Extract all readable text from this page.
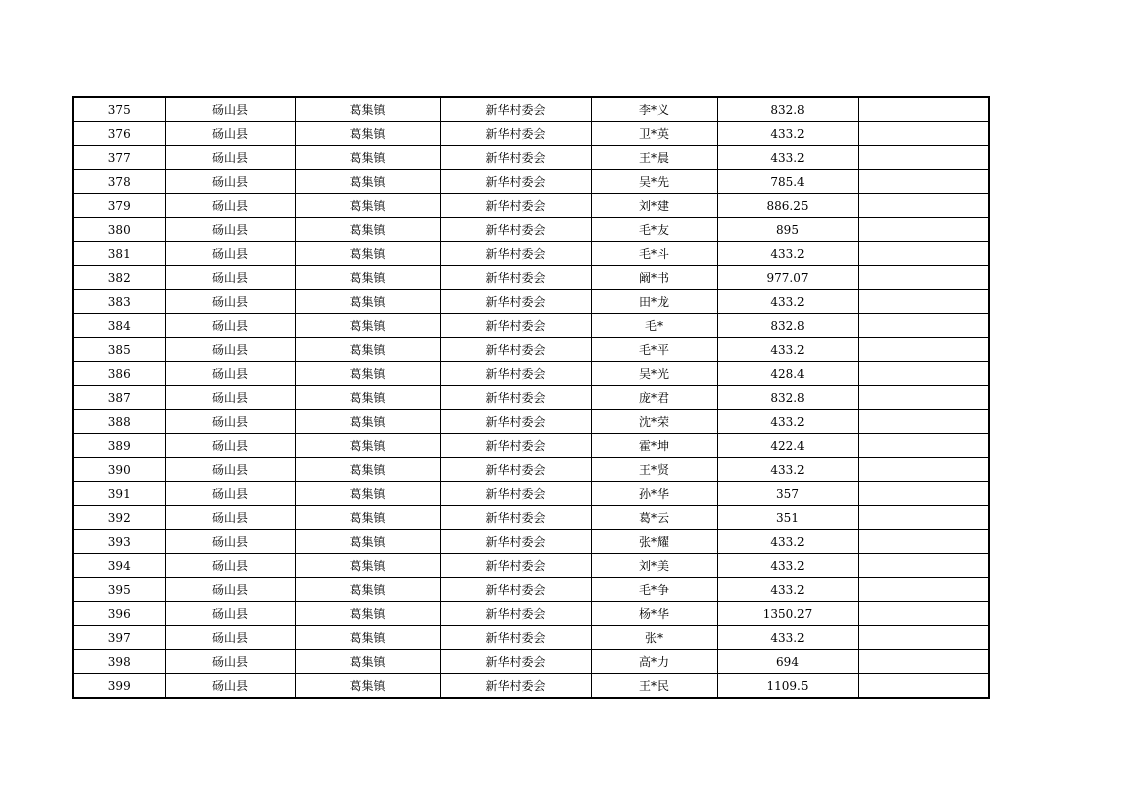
375	砀山县	葛集镇	新华村委会	李*义	832.8	
376	砀山县	葛集镇	新华村委会	卫*英	433.2	
377	砀山县	葛集镇	新华村委会	王*晨	433.2	
378	砀山县	葛集镇	新华村委会	吴*先	785.4	
379	砀山县	葛集镇	新华村委会	刘*建	886.25	
380	砀山县	葛集镇	新华村委会	毛*友	895	
381	砀山县	葛集镇	新华村委会	毛*斗	433.2	
382	砀山县	葛集镇	新华村委会	阚*书	977.07	
383	砀山县	葛集镇	新华村委会	田*龙	433.2	
384	砀山县	葛集镇	新华村委会	毛*	832.8	
385	砀山县	葛集镇	新华村委会	毛*平	433.2	
386	砀山县	葛集镇	新华村委会	吴*光	428.4	
387	砀山县	葛集镇	新华村委会	庞*君	832.8	
388	砀山县	葛集镇	新华村委会	沈*荣	433.2	
389	砀山县	葛集镇	新华村委会	霍*坤	422.4	
390	砀山县	葛集镇	新华村委会	王*贤	433.2	
391	砀山县	葛集镇	新华村委会	孙*华	357	
392	砀山县	葛集镇	新华村委会	葛*云	351	
393	砀山县	葛集镇	新华村委会	张*耀	433.2	
394	砀山县	葛集镇	新华村委会	刘*美	433.2	
395	砀山县	葛集镇	新华村委会	毛*争	433.2	
396	砀山县	葛集镇	新华村委会	杨*华	1350.27	
397	砀山县	葛集镇	新华村委会	张*	433.2	
398	砀山县	葛集镇	新华村委会	高*力	694	
399	砀山县	葛集镇	新华村委会	王*民	1109.5	
